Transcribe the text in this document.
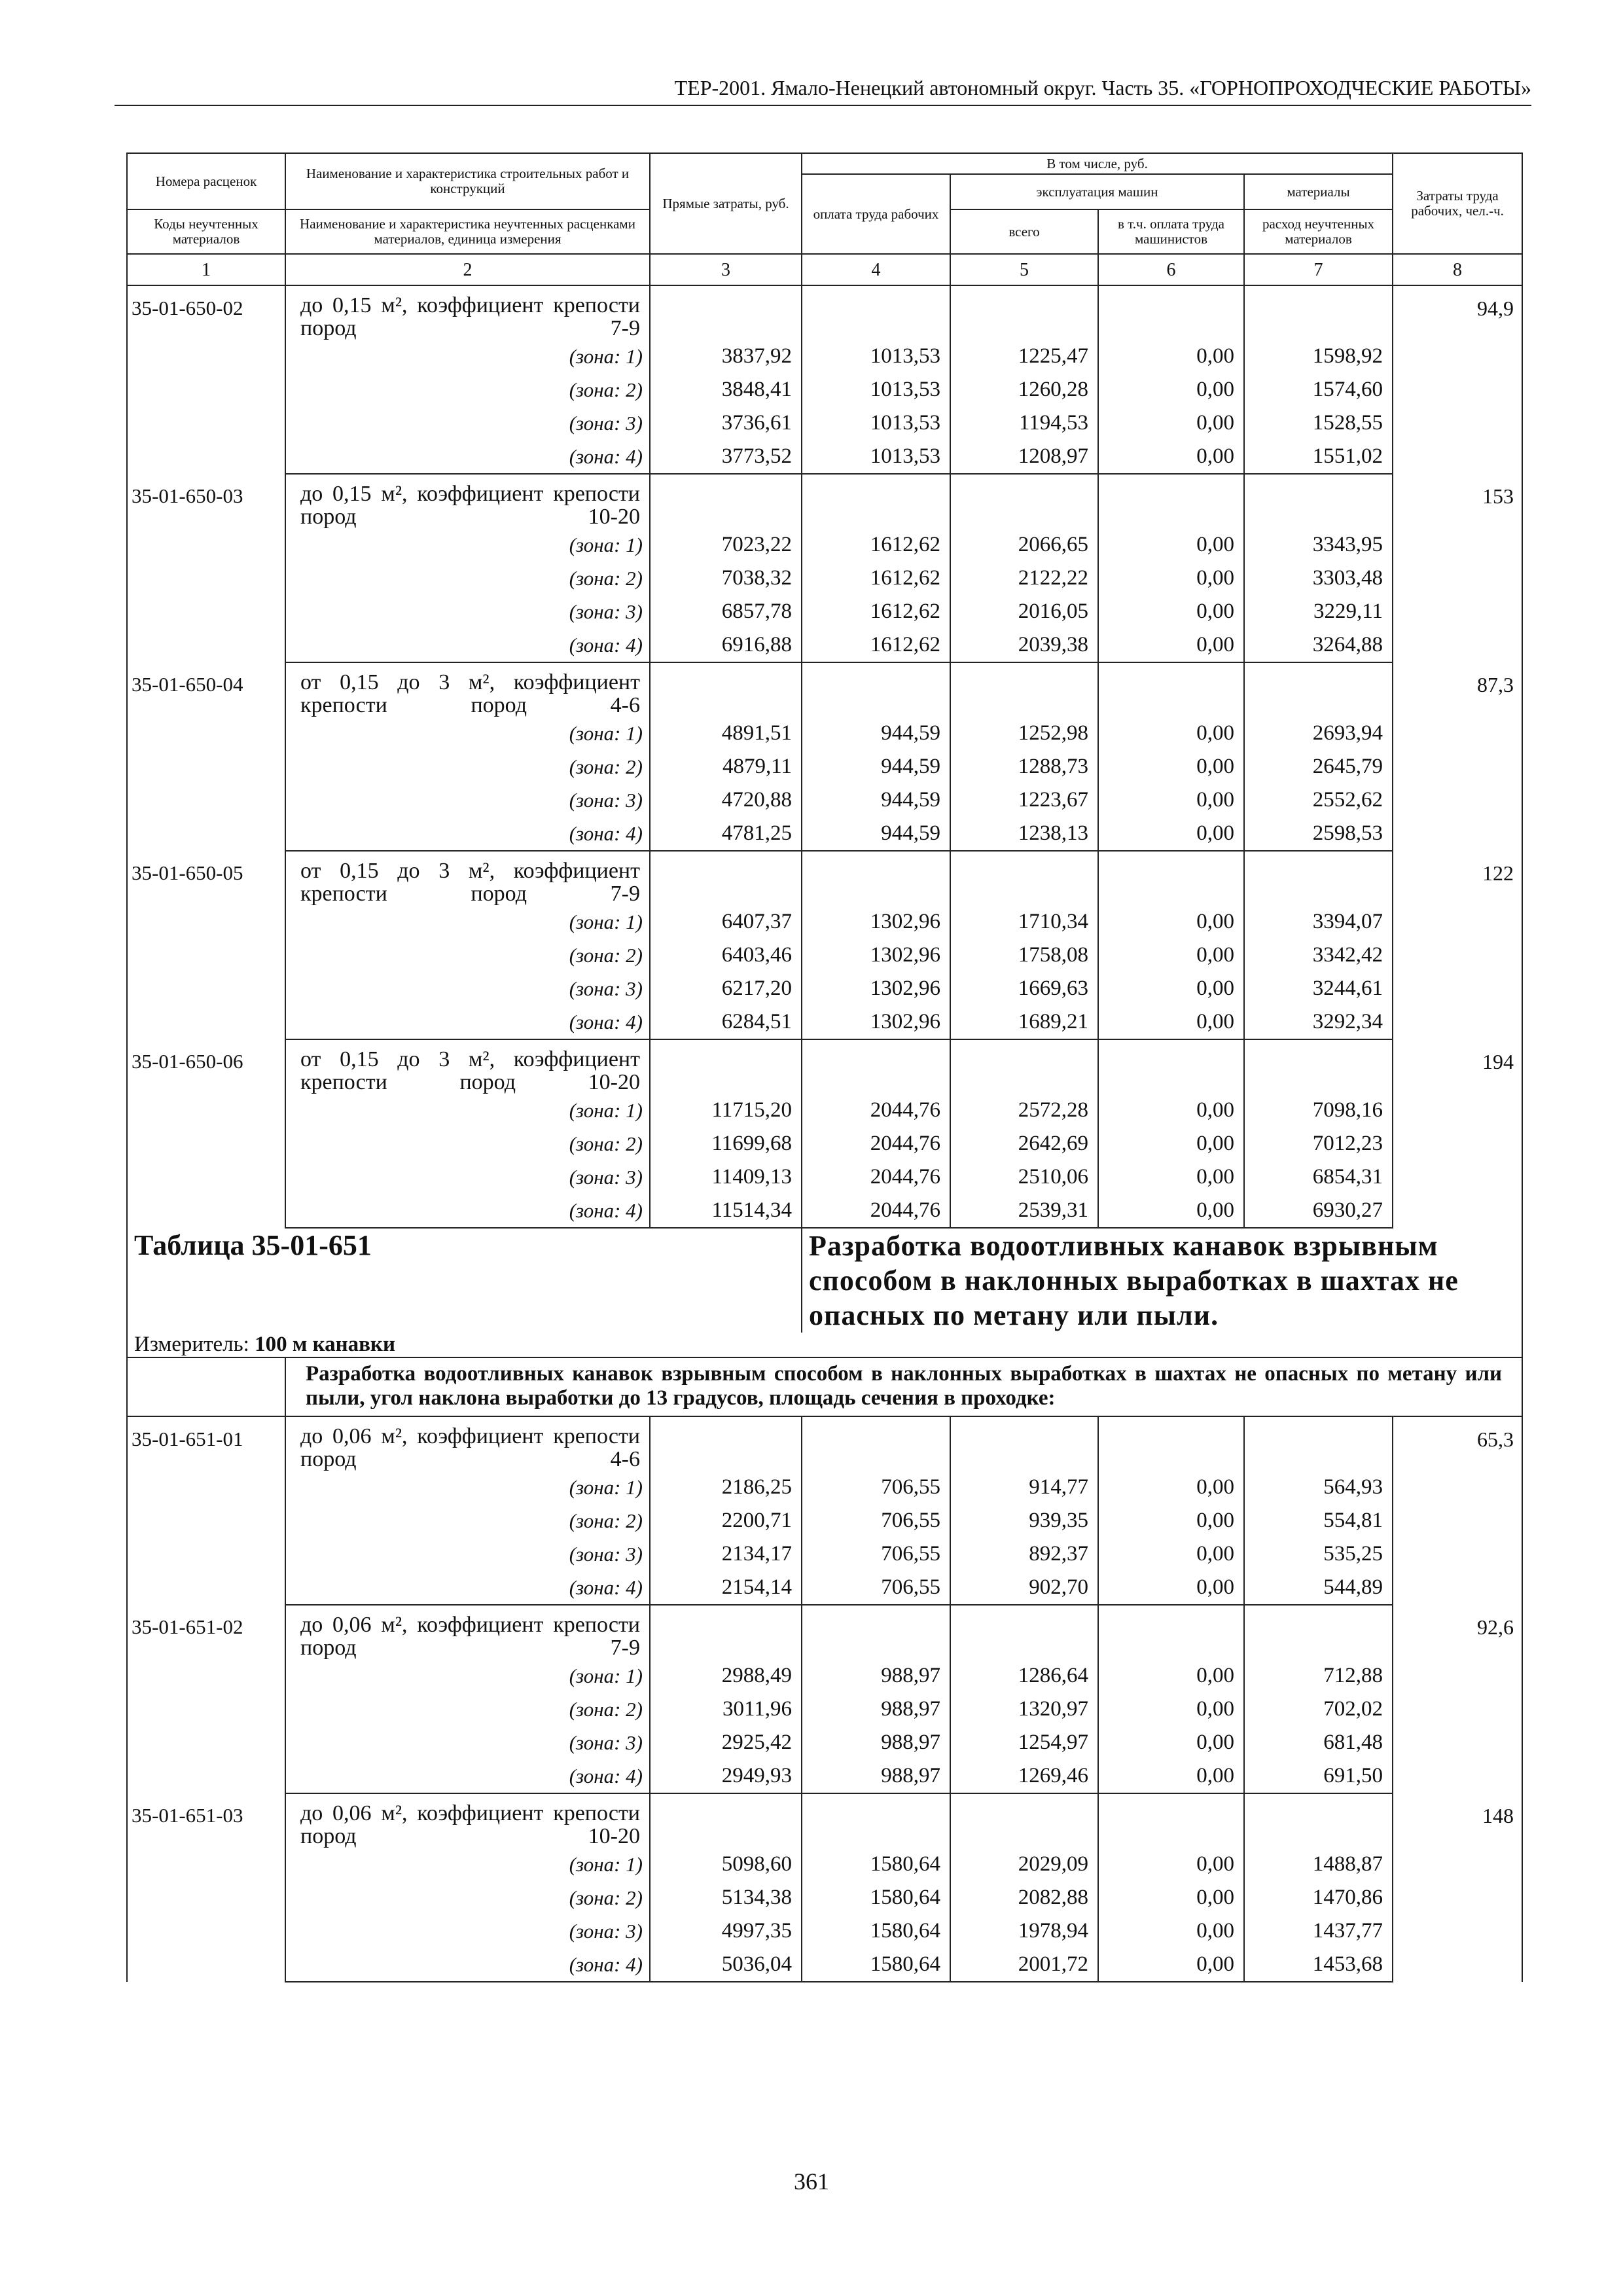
ТЕР-2001. Ямало-Ненецкий автономный округ. Часть 35. «ГОРНОПРОХОДЧЕСКИЕ РАБОТЫ»
Номера расценок	Наименование и характеристика строительных работ и конструкций	Прямые затраты, руб.	В том числе, руб.				Затраты труда рабочих, чел.-ч.
			оплата труда рабочих	эксплуатация машин		материалы	
Коды неучтенных материалов	Наименование и характеристика неучтенных расценками материалов, единица измерения			всего	в т.ч. оплата труда машинистов	расход неучтенных материалов	
1	2	3	4	5	6	7	8
35-01-650-02	до 0,15 м², коэффициент крепости пород 7-9						94,9
	(зона: 1)	3837,92	1013,53	1225,47	0,00	1598,92	
	(зона: 2)	3848,41	1013,53	1260,28	0,00	1574,60	
	(зона: 3)	3736,61	1013,53	1194,53	0,00	1528,55	
	(зона: 4)	3773,52	1013,53	1208,97	0,00	1551,02	
35-01-650-03	до 0,15 м², коэффициент крепости пород 10-20						153
	(зона: 1)	7023,22	1612,62	2066,65	0,00	3343,95	
	(зона: 2)	7038,32	1612,62	2122,22	0,00	3303,48	
	(зона: 3)	6857,78	1612,62	2016,05	0,00	3229,11	
	(зона: 4)	6916,88	1612,62	2039,38	0,00	3264,88	
35-01-650-04	от 0,15 до 3 м², коэффициент крепости пород 4-6						87,3
	(зона: 1)	4891,51	944,59	1252,98	0,00	2693,94	
	(зона: 2)	4879,11	944,59	1288,73	0,00	2645,79	
	(зона: 3)	4720,88	944,59	1223,67	0,00	2552,62	
	(зона: 4)	4781,25	944,59	1238,13	0,00	2598,53	
35-01-650-05	от 0,15 до 3 м², коэффициент крепости пород 7-9						122
	(зона: 1)	6407,37	1302,96	1710,34	0,00	3394,07	
	(зона: 2)	6403,46	1302,96	1758,08	0,00	3342,42	
	(зона: 3)	6217,20	1302,96	1669,63	0,00	3244,61	
	(зона: 4)	6284,51	1302,96	1689,21	0,00	3292,34	
35-01-650-06	от 0,15 до 3 м², коэффициент крепости пород 10-20						194
	(зона: 1)	11715,20	2044,76	2572,28	0,00	7098,16	
	(зона: 2)	11699,68	2044,76	2642,69	0,00	7012,23	
	(зона: 3)	11409,13	2044,76	2510,06	0,00	6854,31	
	(зона: 4)	11514,34	2044,76	2539,31	0,00	6930,27	
Таблица 35-01-651			Разработка водоотливных канавок взрывным способом в наклонных выработках в шахтах не опасных по метану или пыли.				
Измеритель: 100 м канавки							
	Разработка водоотливных канавок взрывным способом в наклонных выработках в шахтах не опасных по метану или пыли, угол наклона выработки до 13 градусов, площадь сечения в проходке:						
35-01-651-01	до 0,06 м², коэффициент крепости пород 4-6						65,3
	(зона: 1)	2186,25	706,55	914,77	0,00	564,93	
	(зона: 2)	2200,71	706,55	939,35	0,00	554,81	
	(зона: 3)	2134,17	706,55	892,37	0,00	535,25	
	(зона: 4)	2154,14	706,55	902,70	0,00	544,89	
35-01-651-02	до 0,06 м², коэффициент крепости пород 7-9						92,6
	(зона: 1)	2988,49	988,97	1286,64	0,00	712,88	
	(зона: 2)	3011,96	988,97	1320,97	0,00	702,02	
	(зона: 3)	2925,42	988,97	1254,97	0,00	681,48	
	(зона: 4)	2949,93	988,97	1269,46	0,00	691,50	
35-01-651-03	до 0,06 м², коэффициент крепости пород 10-20						148
	(зона: 1)	5098,60	1580,64	2029,09	0,00	1488,87	
	(зона: 2)	5134,38	1580,64	2082,88	0,00	1470,86	
	(зона: 3)	4997,35	1580,64	1978,94	0,00	1437,77	
	(зона: 4)	5036,04	1580,64	2001,72	0,00	1453,68	
361
